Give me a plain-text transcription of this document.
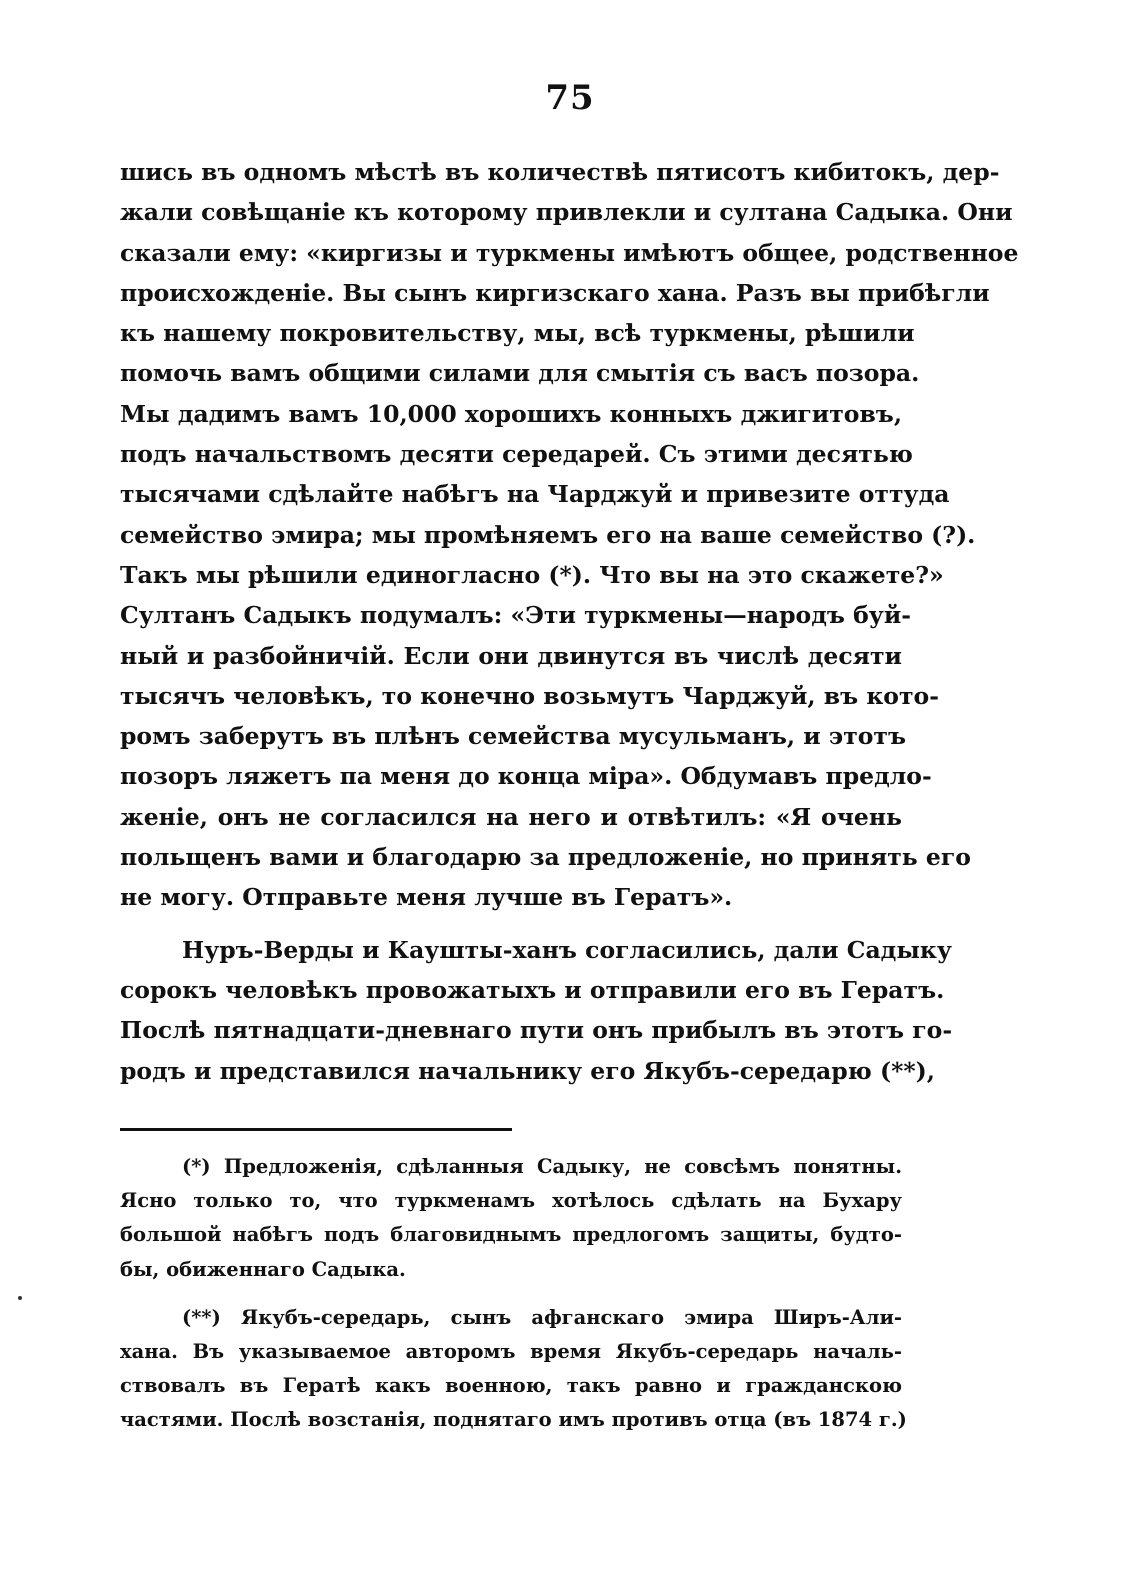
75
шись въ одномъ мѣстѣ въ количествѣ пятисотъ кибитокъ, дер-
жали совѣщаніе къ которому привлекли и султана Садыка. Они
сказали ему: «киргизы и туркмены имѣютъ общее, родственное
происхожденіе. Вы сынъ киргизскаго хана. Разъ вы прибѣгли
къ нашему покровительству, мы, всѣ туркмены, рѣшили
помочь вамъ общими силами для смытія съ васъ позора.
Мы дадимъ вамъ 10,000 хорошихъ конныхъ джигитовъ,
подъ начальствомъ десяти середарей. Съ этими десятью
тысячами сдѣлайте набѣгъ на Чарджуй и привезите оттуда
семейство эмира; мы промѣняемъ его на ваше семейство (?).
Такъ мы рѣшили единогласно (*). Что вы на это скажете?»
Султанъ Садыкъ подумалъ: «Эти туркмены—народъ буй-
ный и разбойничій. Если они двинутся въ числѣ десяти
тысячъ человѣкъ, то конечно возьмутъ Чарджуй, въ кото-
ромъ заберутъ въ плѣнъ семейства мусульманъ, и этотъ
позоръ ляжетъ па меня до конца міра». Обдумавъ предло-
женіе, онъ не согласился на него и отвѣтилъ: «Я очень
польщенъ вами и благодарю за предложеніе, но принять его
не могу. Отправьте меня лучше въ Гератъ».
Нуръ-Верды и Каушты-ханъ согласились, дали Садыку
сорокъ человѣкъ провожатыхъ и отправили его въ Гератъ.
Послѣ пятнадцати-дневнаго пути онъ прибылъ въ этотъ го-
родъ и представился начальнику его Якубъ-середарю (**),
(*) Предложенія, сдѣланныя Садыку, не совсѣмъ понятны.
Ясно только то, что туркменамъ хотѣлось сдѣлать на Бухару
большой набѣгъ подъ благовиднымъ предлогомъ защиты, будто-
бы, обиженнаго Садыка.
(**) Якубъ-середарь, сынъ афганскаго эмира Ширъ-Али-
хана. Въ указываемое авторомъ время Якубъ-середарь началь-
ствовалъ въ Гератѣ какъ военною, такъ равно и гражданскою
частями. Послѣ возстанія, поднятаго имъ противъ отца (въ 1874 г.)
